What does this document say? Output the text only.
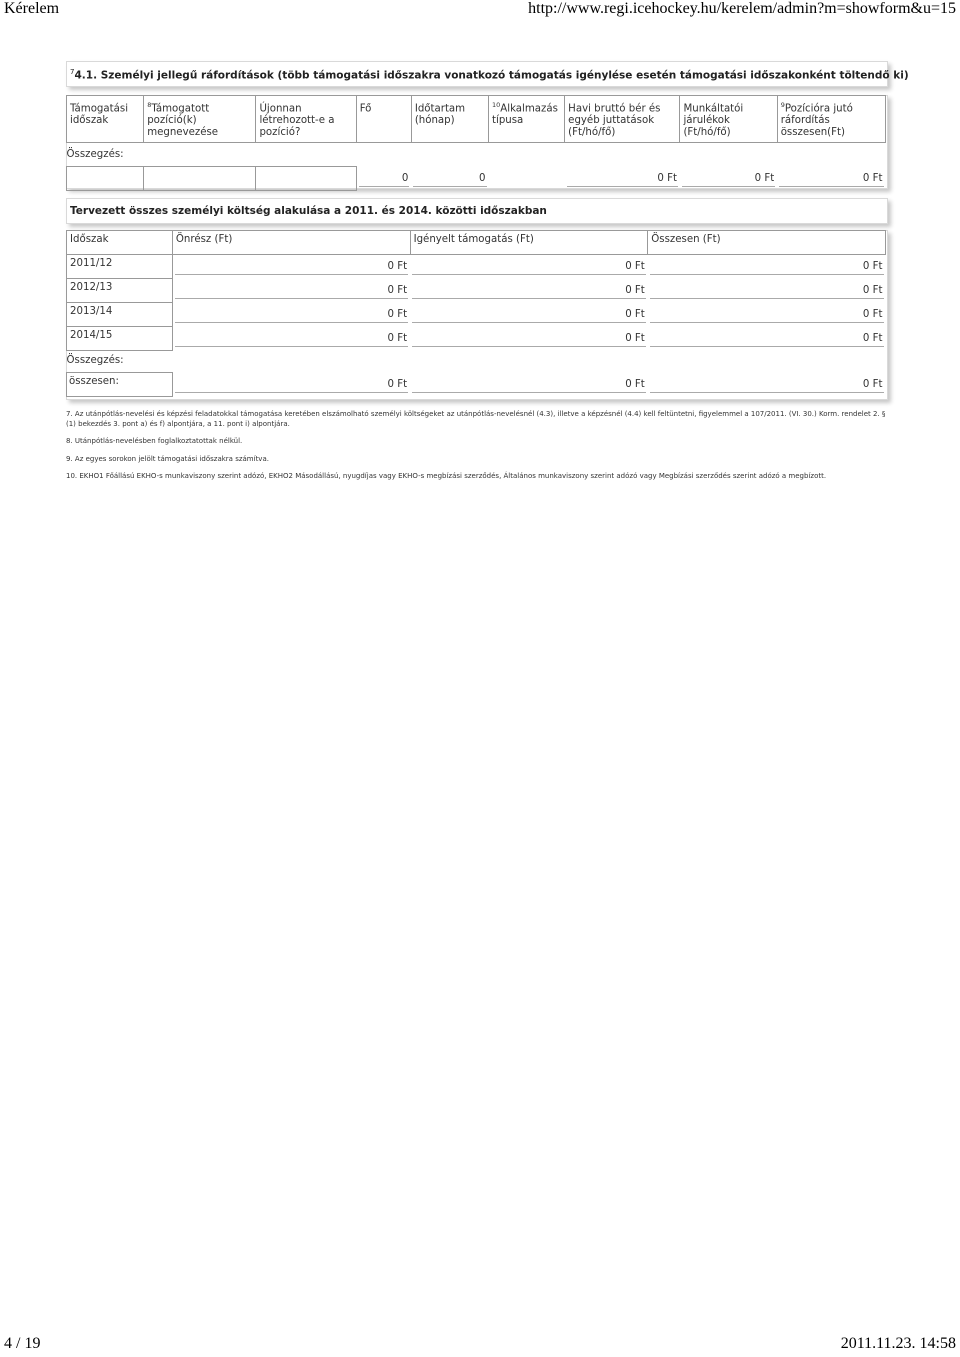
Kérelem	http://www.regi.icehockey.hu/kerelem/admin?m=showform&u=15
$^7$4.1. Személyi jellegű ráfordítások (több támogatási időszakra vonatkozó támogatás igénylése esetén támogatási időszakonként töltendő ki)
Támogatási időszak	$^8$Támogatott pozíció(k) megnevezése	Újonnan létrehozott-e a pozíció?	Fő	Időtartam (hónap)	$^{10}$Alkalmazás típusa	Havi bruttó bér és egyéb juttatások (Ft/hó/fő)	Munkáltatói járulékok (Ft/hó/fő)	$^9$Pozícióra jutó ráfordítás összesen(Ft)
Összegzés:								

			0	0		0 Ft	0 Ft	0 Ft
Tervezett összes személyi költség alakulása a 2011. és 2014. közötti időszakban
Időszak	Önrész (Ft)	Igényelt támogatás (Ft)	Összesen (Ft)
2011/12	0 Ft	0 Ft	0 Ft

2012/13	0 Ft	0 Ft	0 Ft

2013/14	0 Ft	0 Ft	0 Ft

2014/15	0 Ft	0 Ft	0 Ft

Összegzés:			
összesen:	0 Ft	0 Ft	0 Ft

7. Az utánpótlás-nevelési és képzési feladatokkal támogatása keretében elszámolható személyi költségeket az utánpótlás-nevelésnél (4.3), illetve a képzésnél (4.4) kell feltüntetni, figyelemmel a 107/2011. (VI. 30.) Korm. rendelet 2. § (1) bekezdés 3. pont a) és f) alpontjára, a 11. pont i) alpontjára.

8. Utánpótlás-nevelésben foglalkoztatottak nélkül.

9. Az egyes sorokon jelölt támogatási időszakra számítva.

10. EKHO1 Főállású EKHO-s munkaviszony szerint adózó, EKHO2 Másodállású, nyugdíjas vagy EKHO-s megbízási szerződés, Általános munkaviszony szerint adózó vagy Megbízási szerződés szerint adózó a megbízott.

4 / 19	2011.11.23. 14:58
